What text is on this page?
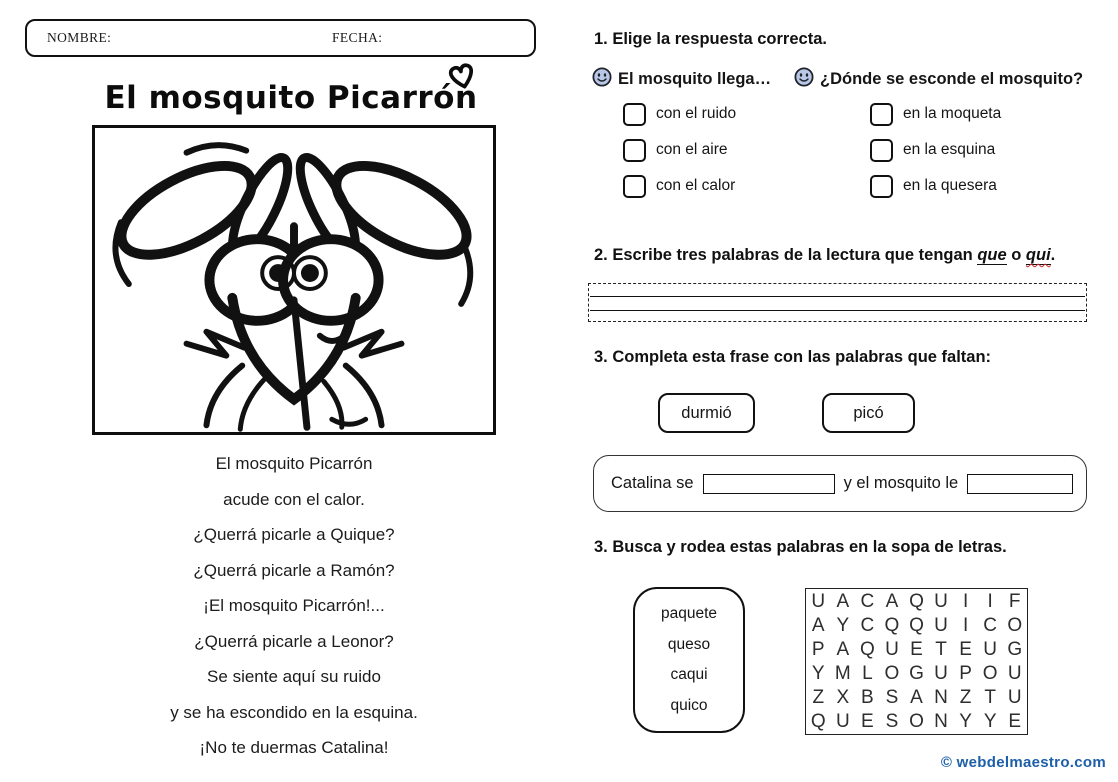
NOMBRE:	FECHA:
El mosquito Picarrón
El mosquito Picarrón
acude con el calor.
¿Querrá picarle a Quique?
¿Querrá picarle a Ramón?
¡El mosquito Picarrón!...
¿Querrá picarle a Leonor?
Se siente aquí su ruido
y se ha escondido en la esquina.
¡No te duermas Catalina!
1. Elige la respuesta correcta.
El mosquito llega…	¿Dónde se esconde el mosquito?
con el ruido
con el aire
con el calor
en la moqueta
en la esquina
en la quesera
2. Escribe tres palabras de la lectura que tengan que o qui.
3. Completa esta frase con las palabras que faltan:
durmió	picó
Catalina se	y el mosquito le
3. Busca y rodea estas palabras en la sopa de letras.
paquete
queso
caqui
quico
U A C A Q U I I F
A Y C Q Q U I C O
P A Q U E T E U G
Y M L O G U P O U
Z X B S A N Z T U
Q U E S O N Y Y E
© webdelmaestro.com
